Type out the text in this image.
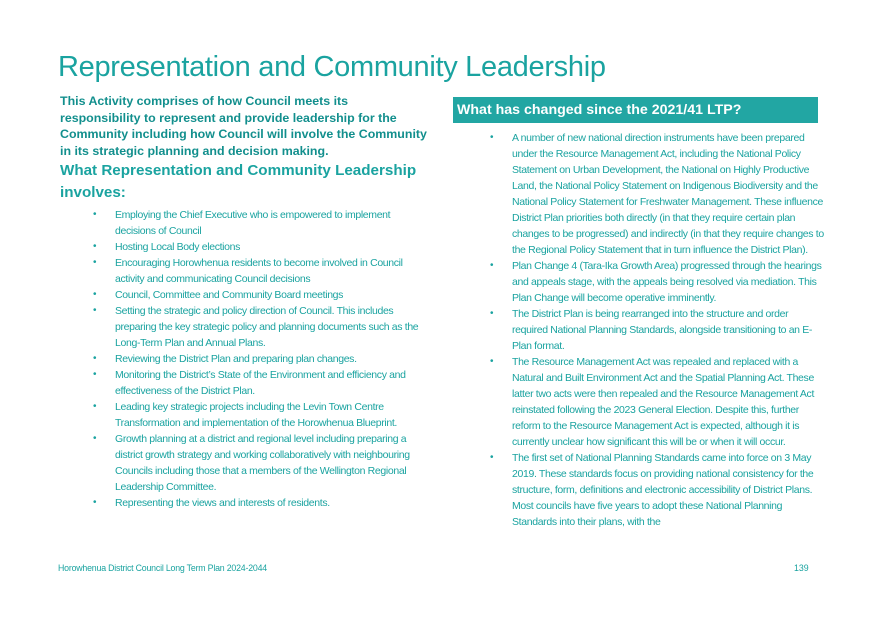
Representation and Community Leadership

This Activity comprises of how Council meets its responsibility to represent and provide leadership for the Community including how Council will involve the Community in its strategic planning and decision making.

What Representation and Community Leadership involves:
• Employing the Chief Executive who is empowered to implement decisions of Council
• Hosting Local Body elections
• Encouraging Horowhenua residents to become involved in Council activity and communicating Council decisions
• Council, Committee and Community Board meetings
• Setting the strategic and policy direction of Council. This includes preparing the key strategic policy and planning documents such as the Long-Term Plan and Annual Plans.
• Reviewing the District Plan and preparing plan changes.
• Monitoring the District’s State of the Environment and efficiency and effectiveness of the District Plan.
• Leading key strategic projects including the Levin Town Centre Transformation and implementation of the Horowhenua Blueprint.
• Growth planning at a district and regional level including preparing a district growth strategy and working collaboratively with neighbouring Councils including those that a members of the Wellington Regional Leadership Committee.
• Representing the views and interests of residents.
What has changed since the 2021/41 LTP?
• A number of new national direction instruments have been prepared under the Resource Management Act, including the National Policy Statement on Urban Development, the National on Highly Productive Land, the National Policy Statement on Indigenous Biodiversity and the National Policy Statement for Freshwater Management. These influence District Plan priorities both directly (in that they require certain plan changes to be progressed) and indirectly (in that they require changes to the Regional Policy Statement that in turn influence the District Plan).
• Plan Change 4 (Tara-Ika Growth Area) progressed through the hearings and appeals stage, with the appeals being resolved via mediation. This Plan Change will become operative imminently.
• The District Plan is being rearranged into the structure and order required National Planning Standards, alongside transitioning to an E-Plan format.
• The Resource Management Act was repealed and replaced with a Natural and Built Environment Act and the Spatial Planning Act. These latter two acts were then repealed and the Resource Management Act reinstated following the 2023 General Election. Despite this, further reform to the Resource Management Act is expected, although it is currently unclear how significant this will be or when it will occur.
• The first set of National Planning Standards came into force on 3 May 2019. These standards focus on providing national consistency for the structure, form, definitions and electronic accessibility of District Plans. Most councils have five years to adopt these National Planning Standards into their plans, with the
Horowhenua District Council Long Term Plan 2024-2044	139
